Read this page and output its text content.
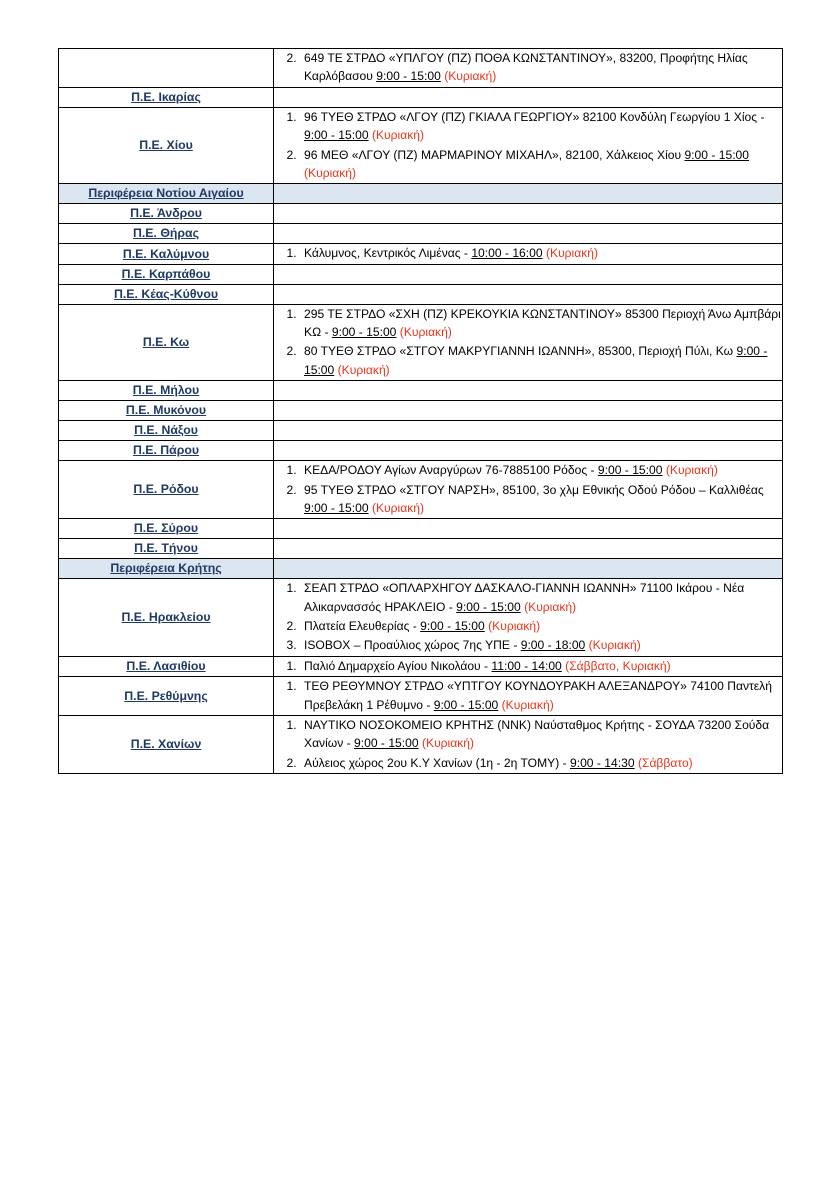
2. 649 ΤΕ ΣΤΡΔΟ «ΥΠΛΓΟΥ (ΠΖ) ΠΟΘΑ ΚΩΝΣΤΑΝΤΙΝΟΥ», 83200, Προφήτης Ηλίας Καρλόβασου 9:00 - 15:00 (Κυριακή)

Π.Ε. Ικαρίας	

Π.Ε. Χίου	
1. 96 ΤΥΕΘ ΣΤΡΔΟ «ΛΓΟΥ (ΠΖ) ΓΚΙΑΛΑ ΓΕΩΡΓΙΟΥ» 82100 Κονδύλη Γεωργίου 1 Χίος - 9:00 - 15:00 (Κυριακή)
2. 96 ΜΕΘ «ΛΓΟΥ (ΠΖ) ΜΑΡΜΑΡΙΝΟΥ ΜΙΧΑΗΛ», 82100, Χάλκειος Χίου 9:00 - 15:00 (Κυριακή)

Περιφέρεια Νοτίου Αιγαίου	

Π.Ε. Άνδρου	

Π.Ε. Θήρας	

Π.Ε. Καλύμνου	
1.Κάλυμνος, Κεντρικός Λιμένας - 10:00 - 16:00 (Κυριακή)

Π.Ε. Καρπάθου	

Π.Ε. Κέας-Κύθνου	

Π.Ε. Κω	
1. 295 ΤΕ ΣΤΡΔΟ «ΣΧΗ (ΠΖ) ΚΡΕΚΟΥΚΙΑ ΚΩΝΣΤΑΝΤΙΝΟΥ» 85300 Περιοχή Άνω Αμπβάρι ΚΩ - 9:00 - 15:00 (Κυριακή)
2. 80 ΤΥΕΘ ΣΤΡΔΟ «ΣΤΓΟΥ ΜΑΚΡΥΓΙΑΝΝΗ ΙΩΑΝΝΗ», 85300, Περιοχή Πύλι, Κω 9:00 - 15:00 (Κυριακή)

Π.Ε. Μήλου	

Π.Ε. Μυκόνου	

Π.Ε. Νάξου	

Π.Ε. Πάρου	

Π.Ε. Ρόδου	
1. ΚΕΔΑ/ΡΟΔΟΥ Αγίων Αναργύρων 76-7885100 Ρόδος - 9:00 - 15:00 (Κυριακή)
2. 95 ΤΥΕΘ ΣΤΡΔΟ «ΣΤΓΟΥ ΝΑΡΣΗ», 85100, 3ο χλμ Εθνικής Οδού Ρόδου – Καλλιθέας 9:00 - 15:00 (Κυριακή)

Π.Ε. Σύρου	

Π.Ε. Τήνου	

Περιφέρεια Κρήτης	

Π.Ε. Ηρακλείου	
1. ΣΕΑΠ ΣΤΡΔΟ «ΟΠΛΑΡΧΗΓΟΥ ΔΑΣΚΑΛΟ-ΓΙΑΝΝΗ ΙΩΑΝΝΗ» 71100 Ικάρου - Νέα Αλικαρνασσός ΗΡΑΚΛΕΙΟ - 9:00 - 15:00 (Κυριακή)
2. Πλατεία Ελευθερίας - 9:00 - 15:00 (Κυριακή)
3. ISOBOX – Προαύλιος χώρος 7ης ΥΠΕ - 9:00 - 18:00 (Κυριακή)

Π.Ε. Λασιθίου	
1.Παλιό Δημαρχείο Αγίου Νικολάου - 11:00 - 14:00 (Σάββατο, Κυριακή)

Π.Ε. Ρεθύμνης	
1. ΤΕΘ ΡΕΘΥΜΝΟΥ ΣΤΡΔΟ «ΥΠΤΓΟΥ ΚΟΥΝΔΟΥΡΑΚΗ ΑΛΕΞΑΝΔΡΟΥ» 74100 Παντελή Πρεβελάκη 1 Ρέθυμνο - 9:00 - 15:00 (Κυριακή)

Π.Ε. Χανίων	
1. ΝΑΥΤΙΚΟ ΝΟΣΟΚΟΜΕΙΟ ΚΡΗΤΗΣ (ΝΝΚ) Ναύσταθμος Κρήτης - ΣΟΥΔΑ 73200 Σούδα Χανίων - 9:00 - 15:00 (Κυριακή)
2. Αύλειος χώρος 2ου Κ.Υ Χανίων (1η - 2η ΤΟΜΥ) - 9:00 - 14:30 (Σάββατο)
